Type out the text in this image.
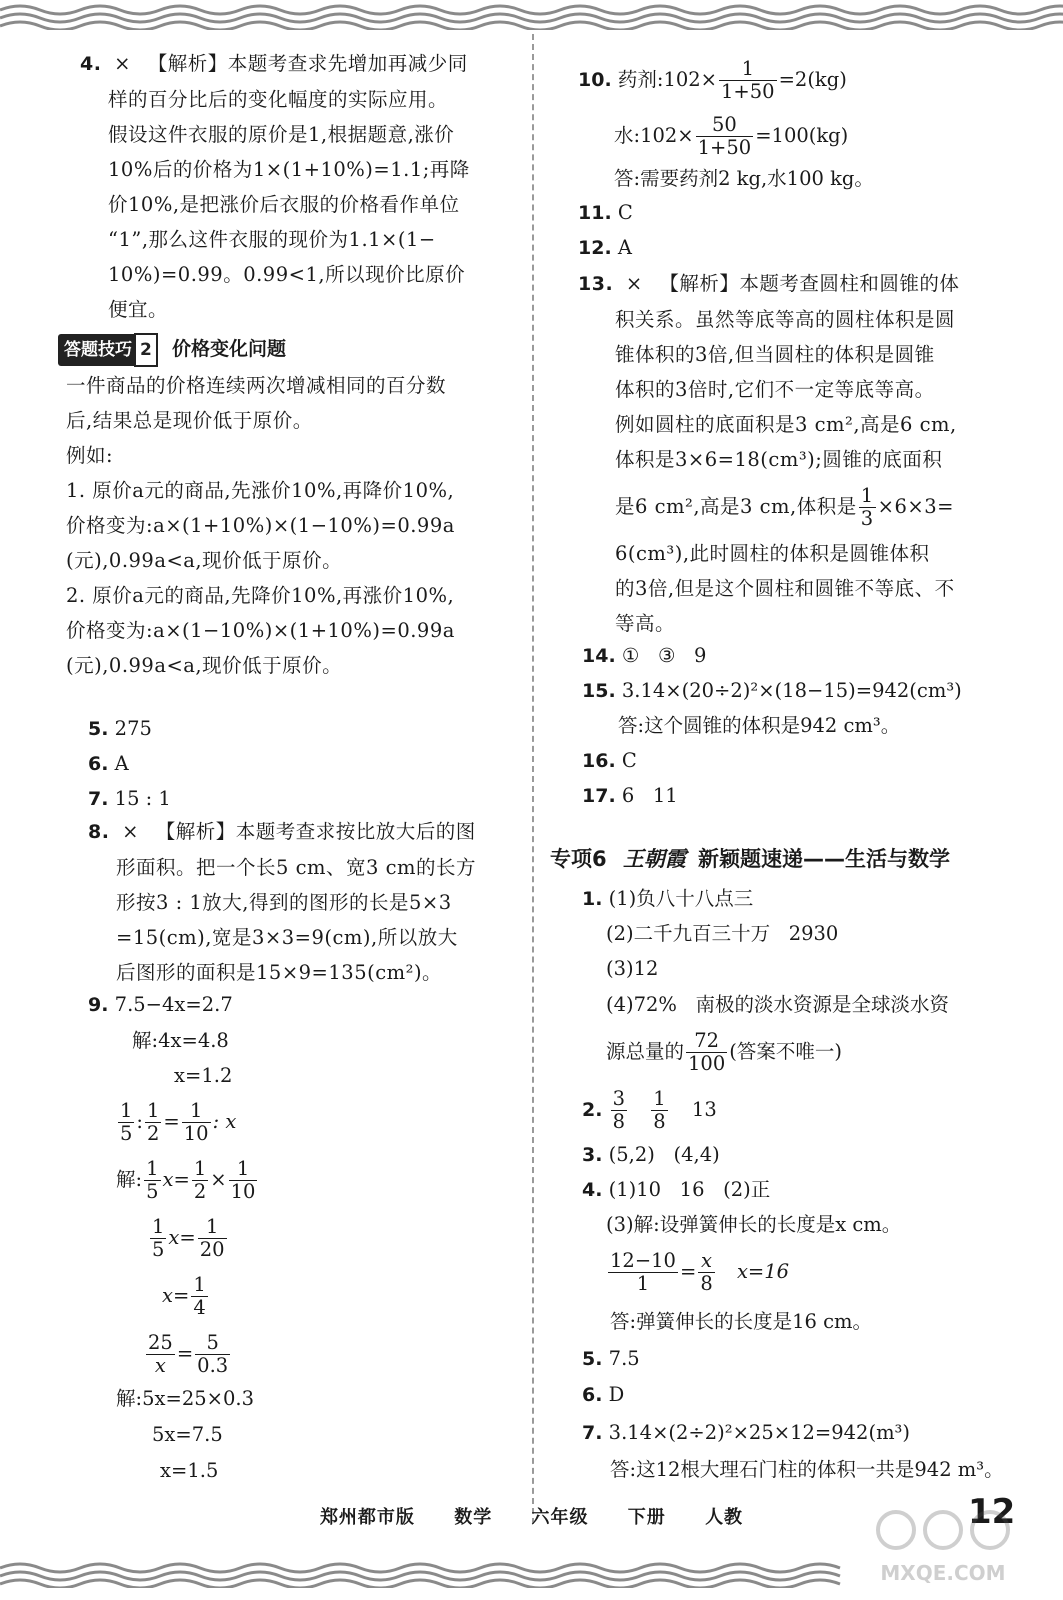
4. × 【解析】本题考查求先增加再减少同
样的百分比后的变化幅度的实际应用。
假设这件衣服的原价是1,根据题意,涨价
10%后的价格为1×(1+10%)=1.1;再降
价10%,是把涨价后衣服的价格看作单位
“1”,那么这件衣服的现价为1.1×(1−
10%)=0.99。0.99<1,所以现价比原价
便宜。
答题技巧 2 价格变化问题
一件商品的价格连续两次增减相同的百分数
后,结果总是现价低于原价。
例如:
1. 原价a元的商品,先涨价10%,再降价10%,
价格变为:a×(1+10%)×(1−10%)=0.99a
(元),0.99a<a,现价低于原价。
2. 原价a元的商品,先降价10%,再涨价10%,
价格变为:a×(1−10%)×(1+10%)=0.99a
(元),0.99a<a,现价低于原价。
5. 275
6. A
7. 15 : 1
8. × 【解析】本题考查求按比放大后的图
形面积。把一个长5 cm、宽3 cm的长方
形按3 : 1放大,得到的图形的长是5×3
=15(cm),宽是3×3=9(cm),所以放大
后图形的面积是15×9=135(cm²)。
9. 7.5−4x=2.7
解:4x=4.8
x=1.2
$\frac{1}{5}$ : $\frac{1}{2} = \frac{1}{10}$ : x
解: $\frac{1}{5} x= \frac{1}{2} \times \frac{1}{10}$
$\frac{1}{5} x= \frac{1}{20}$
$x= \frac{1}{4}$
$\frac{25}{x} = \frac{5}{0.3}$
解:5x=25×0.3
5x=7.5
x=1.5
10. 药剂:102× $\frac{1}{1+50} =2(kg)$
水:102× $\frac{50}{1+50} =100(kg)$
答:需要药剂2 kg,水100 kg。
11. C
12. A
13. × 【解析】本题考查圆柱和圆锥的体
积关系。虽然等底等高的圆柱体积是圆
锥体积的3倍,但当圆柱的体积是圆锥
体积的3倍时,它们不一定等底等高。
例如圆柱的底面积是3 cm²,高是6 cm,
体积是3×6=18(cm³);圆锥的底面积
是6 cm²,高是3 cm,体积是 $\frac{1}{3} \times 6\times 3=$
6(cm³),此时圆柱的体积是圆锥体积
的3倍,但是这个圆柱和圆锥不等底、不
等高。
14. ①   ③   9
15. 3.14×(20÷2)²×(18−15)=942(cm³)
答:这个圆锥的体积是942 cm³。
16. C
17. 6   11
专项6 王朝霞 新颖题速递——生活与数学
1. (1)负八十八点三
(2)二千九百三十万   2930
(3)12
(4)72%   南极的淡水资源是全球淡水资
源总量的 $\frac{72}{100}$ (答案不唯一)
2. $\frac{3}{8}$
$\frac{1}{8} 13$
3. (5,2)   (4,4)
4. (1)10   16   (2)正
(3)解:设弹簧伸长的长度是x cm。
$\frac{12-10}{1} = \frac{x}{8} x=16$
答:弹簧伸长的长度是16 cm。
5. 7.5
6. D
7. 3.14×(2÷2)²×25×12=942(m³)
答:这12根大理石门柱的体积一共是942 m³。
郑州都市版 数学 六年级 下册 人教	12
MXQE.COM
